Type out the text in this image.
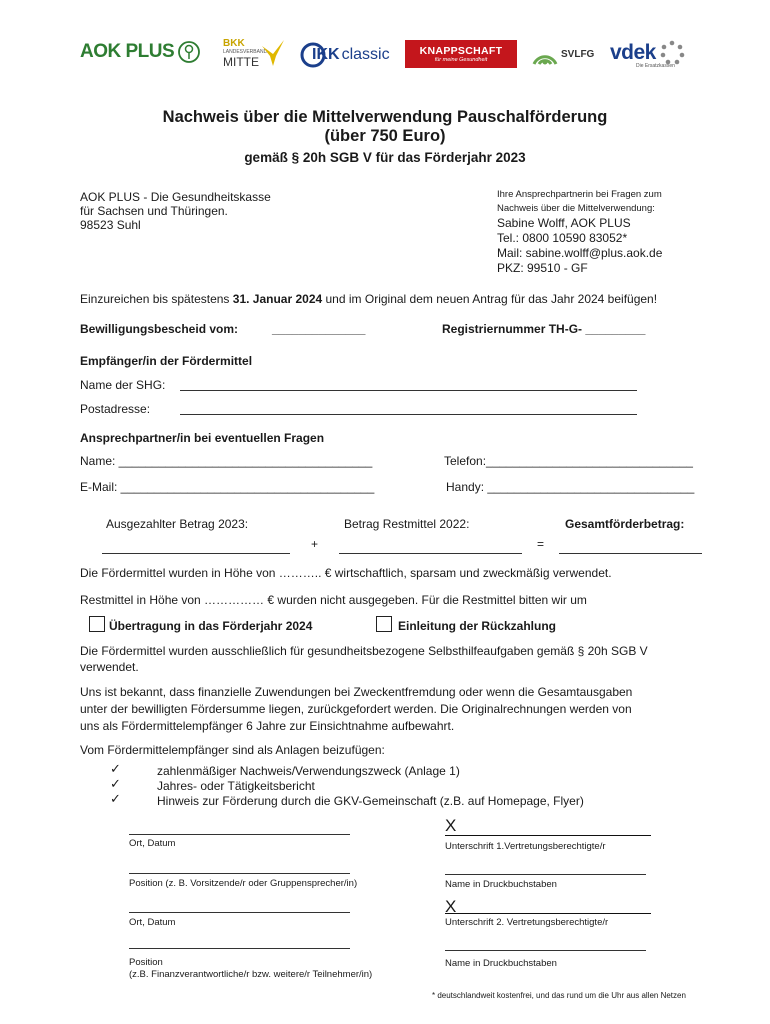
AOK PLUS	BKK
LANDESVERBAND
MITTE	IKK classic	KNAPPSCHAFT
für meine Gesundheit
SVLFG vdek
Die Ersatzkassen
Nachweis über die Mittelverwendung Pauschalförderung
(über 750 Euro)
gemäß § 20h SGB V für das Förderjahr 2023
AOK PLUS - Die Gesundheitskasse
für Sachsen und Thüringen.
98523 Suhl
Ihre Ansprechpartnerin bei Fragen zum
Nachweis über die Mittelverwendung:
Sabine Wolff, AOK PLUS
Tel.: 0800 10590 83052*
Mail: sabine.wolff@plus.aok.de
PKZ: 99510 - GF
Einzureichen bis spätestens 31. Januar 2024 und im Original dem neuen Antrag für das Jahr 2024 beifügen!
Bewilligungsbescheid vom:	______________	Registriernummer TH-G- _________
Empfänger/in der Fördermittel
Name der SHG:
Postadresse:
Ansprechpartner/in bei eventuellen Fragen
Name: ______________________________________	Telefon:_______________________________
E-Mail: ______________________________________	Handy: _______________________________
Ausgezahlter Betrag 2023:	Betrag Restmittel 2022:	Gesamtförderbetrag:
+	=
Die Fördermittel wurden in Höhe von ……….. € wirtschaftlich, sparsam und zweckmäßig verwendet.
Restmittel in Höhe von …………… € wurden nicht ausgegeben. Für die Restmittel bitten wir um
Übertragung in das Förderjahr 2024	Einleitung der Rückzahlung
Die Fördermittel wurden ausschließlich für gesundheitsbezogene Selbsthilfeaufgaben gemäß § 20h SGB V
verwendet.
Uns ist bekannt, dass finanzielle Zuwendungen bei Zweckentfremdung oder wenn die Gesamtausgaben
unter der bewilligten Fördersumme liegen, zurückgefordert werden. Die Originalrechnungen werden von
uns als Fördermittelempfänger 6 Jahre zur Einsichtnahme aufbewahrt.
Vom Fördermittelempfänger sind als Anlagen beizufügen:
✓	zahlenmäßiger Nachweis/Verwendungszweck (Anlage 1)
✓	Jahres- oder Tätigkeitsbericht
✓	Hinweis zur Förderung durch die GKV-Gemeinschaft (z.B. auf Homepage, Flyer)
X
Ort, Datum	Unterschrift 1.Vertretungsberechtigte/r
Position (z. B. Vorsitzende/r oder Gruppensprecher/in)	Name in Druckbuchstaben
X
Ort, Datum	Unterschrift 2. Vertretungsberechtigte/r
Position
(z.B. Finanzverantwortliche/r bzw. weitere/r Teilnehmer/in)
Name in Druckbuchstaben
* deutschlandweit kostenfrei, und das rund um die Uhr aus allen Netzen
